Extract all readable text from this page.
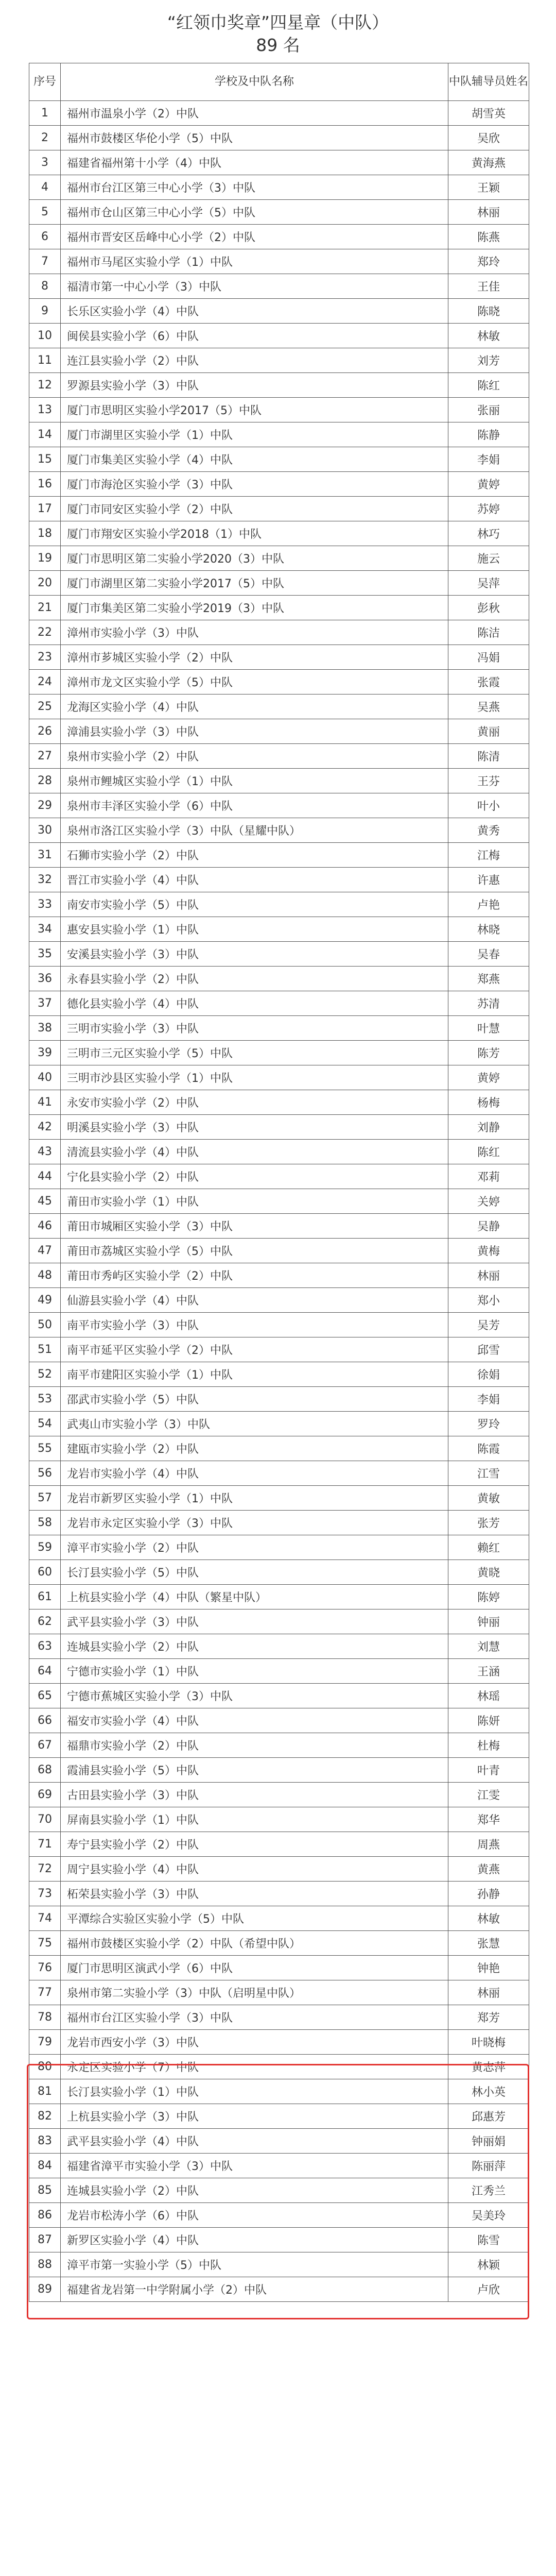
“红领巾奖章”四星章（中队）
89 名
序号	学校及中队名称	中队辅导员姓名
1	福州市温泉小学（2）中队	胡雪英
2	福州市鼓楼区华伦小学（5）中队	吴欣
3	福建省福州第十小学（4）中队	黄海燕
4	福州市台江区第三中心小学（3）中队	王颖
5	福州市仓山区第三中心小学（5）中队	林丽
6	福州市晋安区岳峰中心小学（2）中队	陈燕
7	福州市马尾区实验小学（1）中队	郑玲
8	福清市第一中心小学（3）中队	王佳
9	长乐区实验小学（4）中队	陈晓
10	闽侯县实验小学（6）中队	林敏
11	连江县实验小学（2）中队	刘芳
12	罗源县实验小学（3）中队	陈红
13	厦门市思明区实验小学2017（5）中队	张丽
14	厦门市湖里区实验小学（1）中队	陈静
15	厦门市集美区实验小学（4）中队	李娟
16	厦门市海沧区实验小学（3）中队	黄婷
17	厦门市同安区实验小学（2）中队	苏婷
18	厦门市翔安区实验小学2018（1）中队	林巧
19	厦门市思明区第二实验小学2020（3）中队	施云
20	厦门市湖里区第二实验小学2017（5）中队	吴萍
21	厦门市集美区第二实验小学2019（3）中队	彭秋
22	漳州市实验小学（3）中队	陈洁
23	漳州市芗城区实验小学（2）中队	冯娟
24	漳州市龙文区实验小学（5）中队	张霞
25	龙海区实验小学（4）中队	吴燕
26	漳浦县实验小学（3）中队	黄丽
27	泉州市实验小学（2）中队	陈清
28	泉州市鲤城区实验小学（1）中队	王芬
29	泉州市丰泽区实验小学（6）中队	叶小
30	泉州市洛江区实验小学（3）中队（星耀中队）	黄秀
31	石狮市实验小学（2）中队	江梅
32	晋江市实验小学（4）中队	许惠
33	南安市实验小学（5）中队	卢艳
34	惠安县实验小学（1）中队	林晓
35	安溪县实验小学（3）中队	吴春
36	永春县实验小学（2）中队	郑燕
37	德化县实验小学（4）中队	苏清
38	三明市实验小学（3）中队	叶慧
39	三明市三元区实验小学（5）中队	陈芳
40	三明市沙县区实验小学（1）中队	黄婷
41	永安市实验小学（2）中队	杨梅
42	明溪县实验小学（3）中队	刘静
43	清流县实验小学（4）中队	陈红
44	宁化县实验小学（2）中队	邓莉
45	莆田市实验小学（1）中队	关婷
46	莆田市城厢区实验小学（3）中队	吴静
47	莆田市荔城区实验小学（5）中队	黄梅
48	莆田市秀屿区实验小学（2）中队	林丽
49	仙游县实验小学（4）中队	郑小
50	南平市实验小学（3）中队	吴芳
51	南平市延平区实验小学（2）中队	邱雪
52	南平市建阳区实验小学（1）中队	徐娟
53	邵武市实验小学（5）中队	李娟
54	武夷山市实验小学（3）中队	罗玲
55	建瓯市实验小学（2）中队	陈霞
56	龙岩市实验小学（4）中队	江雪
57	龙岩市新罗区实验小学（1）中队	黄敏
58	龙岩市永定区实验小学（3）中队	张芳
59	漳平市实验小学（2）中队	赖红
60	长汀县实验小学（5）中队	黄晓
61	上杭县实验小学（4）中队（繁星中队）	陈婷
62	武平县实验小学（3）中队	钟丽
63	连城县实验小学（2）中队	刘慧
64	宁德市实验小学（1）中队	王涵
65	宁德市蕉城区实验小学（3）中队	林瑶
66	福安市实验小学（4）中队	陈妍
67	福鼎市实验小学（2）中队	杜梅
68	霞浦县实验小学（5）中队	叶青
69	古田县实验小学（3）中队	江雯
70	屏南县实验小学（1）中队	郑华
71	寿宁县实验小学（2）中队	周燕
72	周宁县实验小学（4）中队	黄燕
73	柘荣县实验小学（3）中队	孙静
74	平潭综合实验区实验小学（5）中队	林敏
75	福州市鼓楼区实验小学（2）中队（希望中队）	张慧
76	厦门市思明区演武小学（6）中队	钟艳
77	泉州市第二实验小学（3）中队（启明星中队）	林丽
78	福州市台江区实验小学（3）中队	郑芳
79	龙岩市西安小学（3）中队	叶晓梅
80	永定区实验小学（7）中队	黄志萍
81	长汀县实验小学（1）中队	林小英
82	上杭县实验小学（3）中队	邱惠芳
83	武平县实验小学（4）中队	钟丽娟
84	福建省漳平市实验小学（3）中队	陈丽萍
85	连城县实验小学（2）中队	江秀兰
86	龙岩市松涛小学（6）中队	吴美玲
87	新罗区实验小学（4）中队	陈雪
88	漳平市第一实验小学（5）中队	林颖
89	福建省龙岩第一中学附属小学（2）中队	卢欣
